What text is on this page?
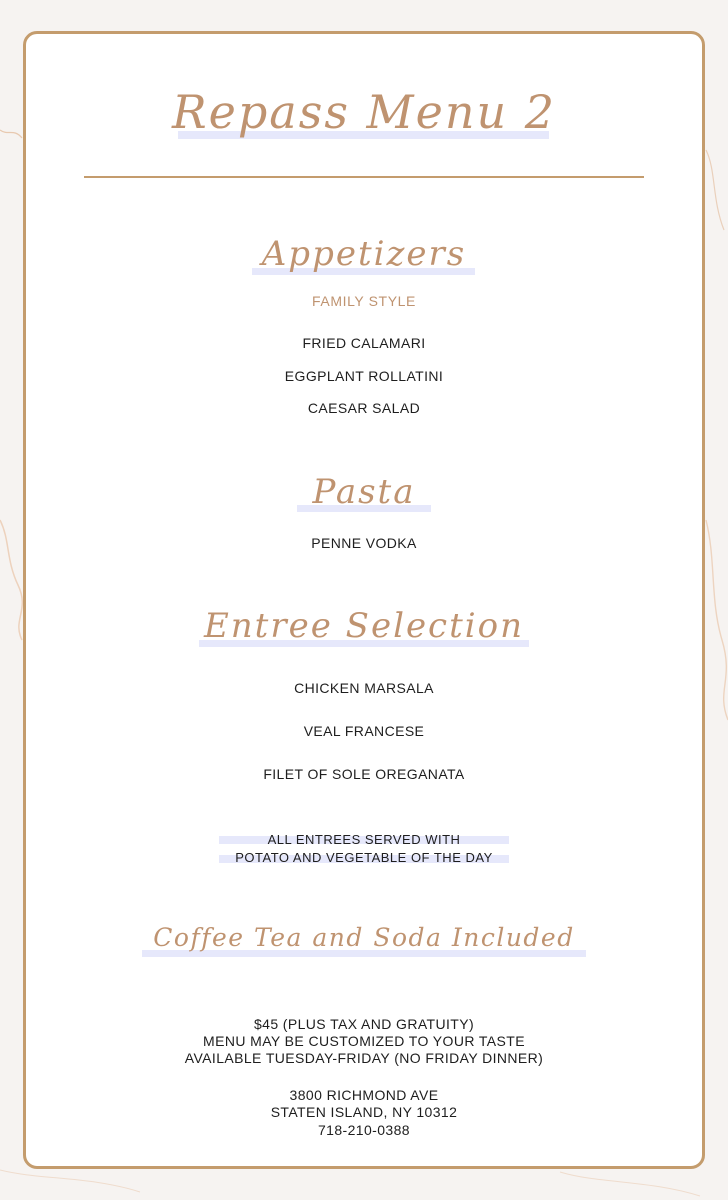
Repass Menu 2
Appetizers
FAMILY STYLE
FRIED CALAMARI
EGGPLANT ROLLATINI
CAESAR SALAD
Pasta
PENNE VODKA
Entree Selection
CHICKEN MARSALA
VEAL FRANCESE
FILET OF SOLE OREGANATA
ALL ENTREES SERVED WITH
POTATO AND VEGETABLE OF THE DAY
Coffee Tea and Soda Included
$45 (PLUS TAX AND GRATUITY)
MENU MAY BE CUSTOMIZED TO YOUR TASTE
AVAILABLE TUESDAY-FRIDAY (NO FRIDAY DINNER)
3800 RICHMOND AVE
STATEN ISLAND, NY 10312
718-210-0388
